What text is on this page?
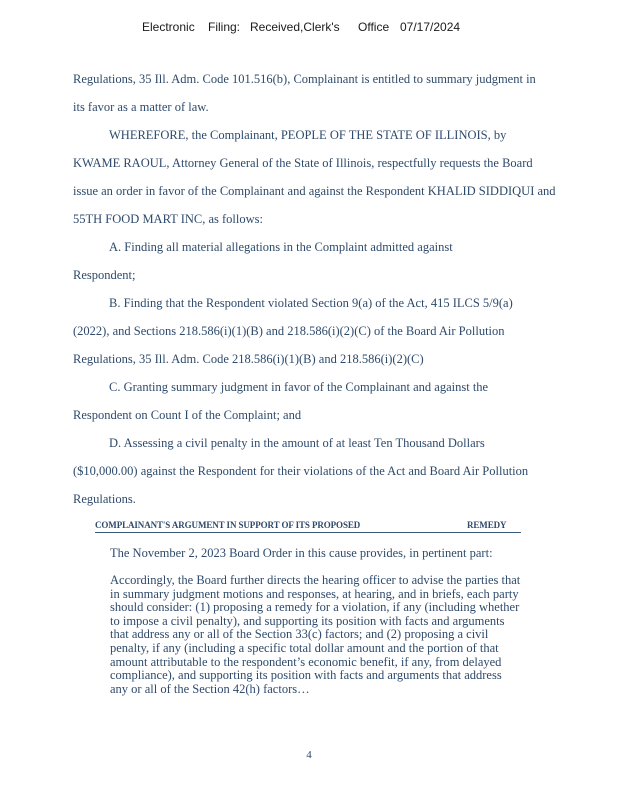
Electronic Filing: Received,Clerk's Office 07/17/2024
Regulations, 35 Ill. Adm. Code 101.516(b), Complainant is entitled to summary judgment in
its favor as a matter of law.
WHEREFORE, the Complainant, PEOPLE OF THE STATE OF ILLINOIS, by
KWAME RAOUL, Attorney General of the State of Illinois, respectfully requests the Board
issue an order in favor of the Complainant and against the Respondent KHALID SIDDIQUI and
55TH FOOD MART INC, as follows:
A. Finding all material allegations in the Complaint admitted against
Respondent;
B. Finding that the Respondent violated Section 9(a) of the Act, 415 ILCS 5/9(a)
(2022), and Sections 218.586(i)(1)(B) and 218.586(i)(2)(C) of the Board Air Pollution
Regulations, 35 Ill. Adm. Code 218.586(i)(1)(B) and 218.586(i)(2)(C)
C. Granting summary judgment in favor of the Complainant and against the
Respondent on Count I of the Complaint; and
D. Assessing a civil penalty in the amount of at least Ten Thousand Dollars
($10,000.00) against the Respondent for their violations of the Act and Board Air Pollution
Regulations.
COMPLAINANT'S ARGUMENT IN SUPPORT OF ITS PROPOSED	REMEDY
The November 2, 2023 Board Order in this cause provides, in pertinent part:
Accordingly, the Board further directs the hearing officer to advise the parties that
in summary judgment motions and responses, at hearing, and in briefs, each party
should consider: (1) proposing a remedy for a violation, if any (including whether
to impose a civil penalty), and supporting its position with facts and arguments
that address any or all of the Section 33(c) factors; and (2) proposing a civil
penalty, if any (including a specific total dollar amount and the portion of that
amount attributable to the respondent’s economic benefit, if any, from delayed
compliance), and supporting its position with facts and arguments that address
any or all of the Section 42(h) factors…
4
